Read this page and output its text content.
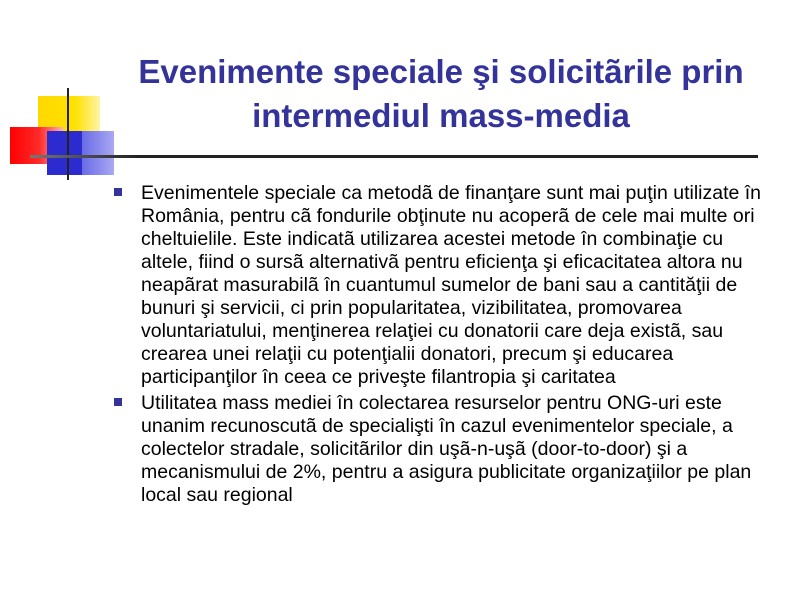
Evenimente speciale şi solicitãrile prin intermediul mass-media
Evenimentele speciale ca metodã de finanţare sunt mai puţin utilizate în România, pentru cã fondurile obţinute nu acoperã de cele mai multe ori cheltuielile. Este indicatã utilizarea acestei metode în combinaţie cu altele, fiind o sursã alternativã pentru eficienţa şi eficacitatea altora nu neapãrat masurabilã în cuantumul sumelor de bani sau a cantităţii de bunuri şi servicii, ci prin popularitatea, vizibilitatea, promovarea voluntariatului, menţinerea relaţiei cu donatorii care deja existã, sau crearea unei relaţii cu potenţialii donatori, precum şi educarea participanţilor în ceea ce priveşte filantropia şi caritatea
Utilitatea mass mediei în colectarea resurselor pentru ONG-uri este unanim recunoscutã de specialişti în cazul evenimentelor speciale, a colectelor stradale, solicitãrilor din uşã-n-uşã (door-to-door) şi a mecanismului de 2%, pentru a asigura publicitate organizaţiilor pe plan local sau regional
